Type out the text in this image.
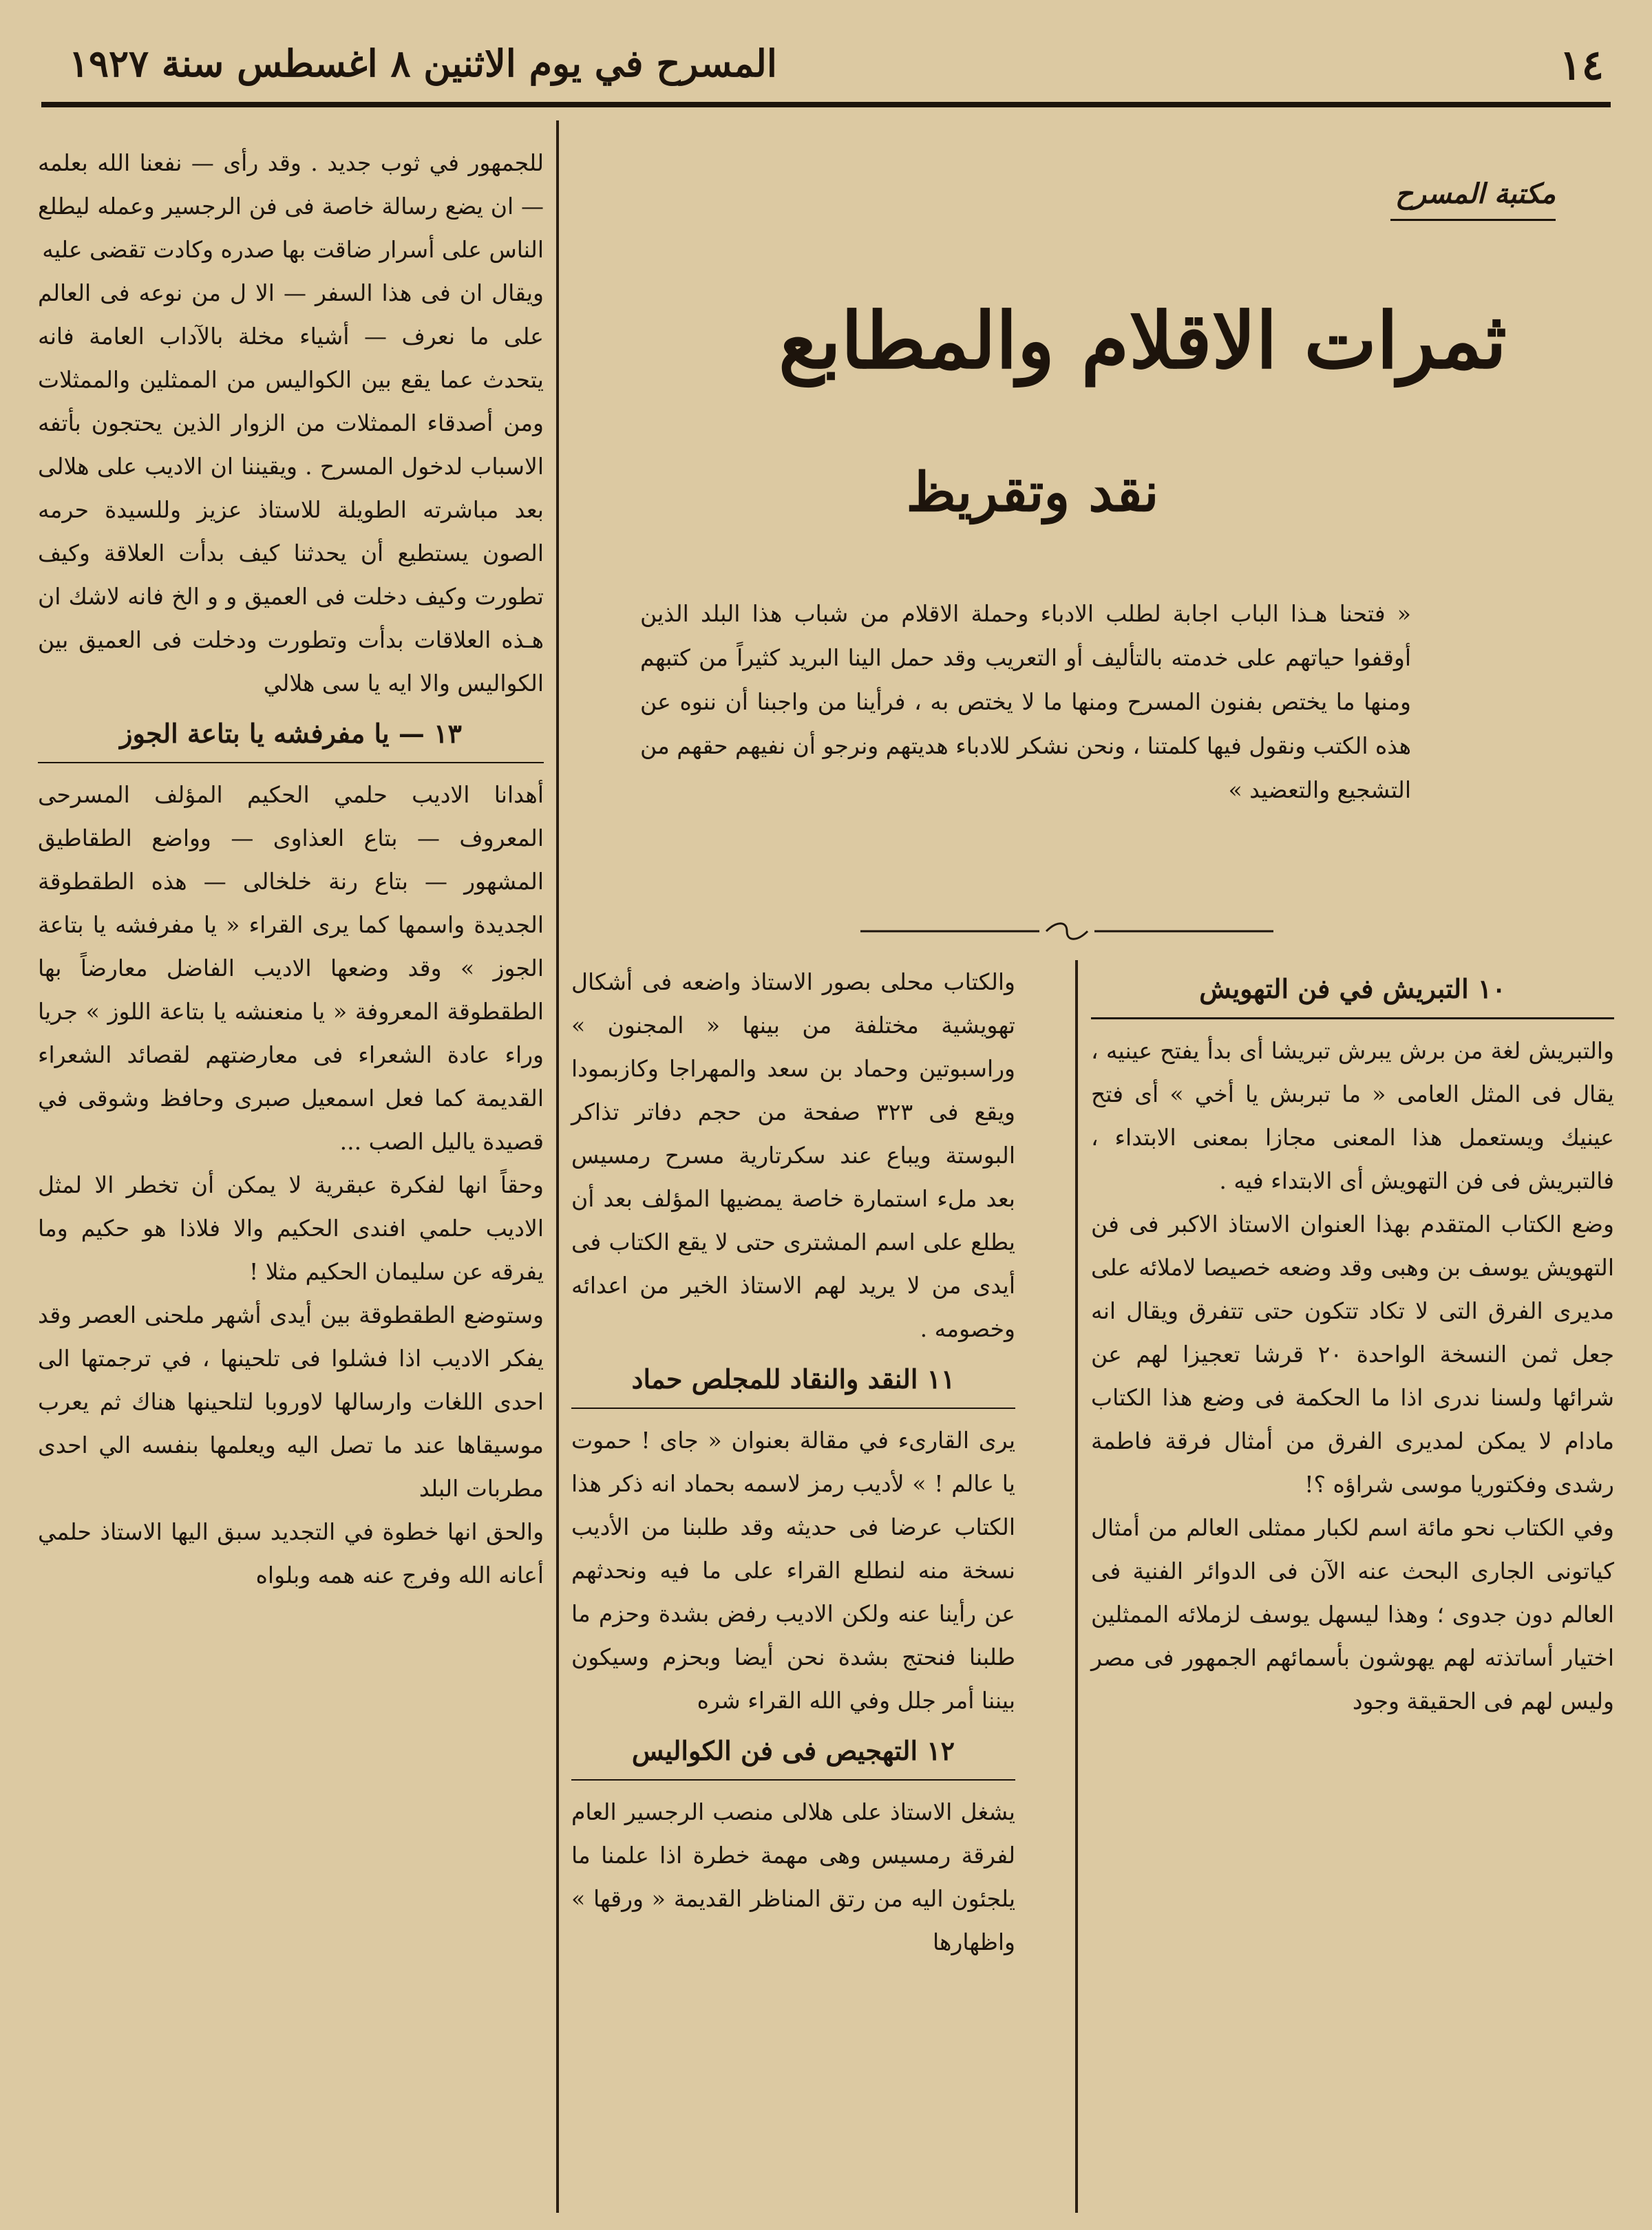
١٤
المسرح في يوم الاثنين ٨ اغسطس سنة ١٩٢٧
مكتبة المسرح
ثمرات الاقلام والمطابع
نقد وتقريظ
« فتحنا هـذا الباب اجابة لطلب الادباء وحملة الاقلام من شباب هذا البلد الذين أوقفوا حياتهم على خدمته بالتأليف أو التعريب وقد حمل الينا البريد كثيراً من كتبهم ومنها ما يختص بفنون المسرح ومنها ما لا يختص به ، فرأينا من واجبنا أن ننوه عن هذه الكتب ونقول فيها كلمتنا ، ونحن نشكر للادباء هديتهم ونرجو أن نفيهم حقهم من التشجيع والتعضيد »
١٠ التبريش في فن التهويش

والتبريش لغة من برش يبرش تبريشا أى بدأ يفتح عينيه ، يقال فى المثل العامى « ما تبربش يا أخي » أى فتح عينيك ويستعمل هذا المعنى مجازا بمعنى الابتداء ، فالتبريش فى فن التهويش أى الابتداء فيه .

وضع الكتاب المتقدم بهذا العنوان الاستاذ الاكبر فى فن التهويش يوسف بن وهبى وقد وضعه خصيصا لاملائه على مديرى الفرق التى لا تكاد تتكون حتى تتفرق ويقال انه جعل ثمن النسخة الواحدة ٢٠ قرشا تعجيزا لهم عن شرائها ولسنا ندرى اذا ما الحكمة فى وضع هذا الكتاب مادام لا يمكن لمديرى الفرق من أمثال فرقة فاطمة رشدى وفكتوريا موسى شراؤه ؟!

وفي الكتاب نحو مائة اسم لكبار ممثلى العالم من أمثال كياتونى الجارى البحث عنه الآن فى الدوائر الفنية فى العالم دون جدوى ؛ وهذا ليسهل يوسف لزملائه الممثلين اختيار أساتذته لهم يهوشون بأسمائهم الجمهور فى مصر وليس لهم فى الحقيقة وجود

والكتاب محلى بصور الاستاذ واضعه فى أشكال تهويشية مختلفة من بينها « المجنون » وراسبوتين وحماد بن سعد والمهراجا وكازبمودا ويقع فى ٣٢٣ صفحة من حجم دفاتر تذاكر البوستة ويباع عند سكرتارية مسرح رمسيس بعد ملء استمارة خاصة يمضيها المؤلف بعد أن يطلع على اسم المشترى حتى لا يقع الكتاب فى أيدى من لا يريد لهم الاستاذ الخير من اعدائه وخصومه .

١١ النقد والنقاد للمجلص حماد

يرى القارىء في مقالة بعنوان « جاى ! حموت يا عالم ! » لأديب رمز لاسمه بحماد انه ذكر هذا الكتاب عرضا فى حديثه وقد طلبنا من الأديب نسخة منه لنطلع القراء على ما فيه ونحدثهم عن رأينا عنه ولكن الاديب رفض بشدة وحزم ما طلبنا فنحتج بشدة نحن أيضا وبحزم وسيكون بيننا أمر جلل وفي الله القراء شره

١٢ التهجيص فى فن الكواليس

يشغل الاستاذ على هلالى منصب الرجسير العام لفرقة رمسيس وهى مهمة خطرة اذا علمنا ما يلجئون اليه من رتق المناظر القديمة « ورقها » واظهارها

للجمهور في ثوب جديد . وقد رأى — نفعنا الله بعلمه — ان يضع رسالة خاصة فى فن الرجسير وعمله ليطلع الناس على أسرار ضاقت بها صدره وكادت تقضى عليه

ويقال ان فى هذا السفر — الا ل من نوعه فى العالم على ما نعرف — أشياء مخلة بالآداب العامة فانه يتحدث عما يقع بين الكواليس من الممثلين والممثلات ومن أصدقاء الممثلات من الزوار الذين يحتجون بأتفه الاسباب لدخول المسرح . ويقيننا ان الاديب على هلالى بعد مباشرته الطويلة للاستاذ عزيز وللسيدة حرمه الصون يستطيع أن يحدثنا كيف بدأت العلاقة وكيف تطورت وكيف دخلت فى العميق و و الخ فانه لاشك ان هـذه العلاقات بدأت وتطورت ودخلت فى العميق بين الكواليس والا ايه يا سى هلالي

١٣ — يا مفرفشه يا بتاعة الجوز

أهدانا الاديب حلمي الحكيم المؤلف المسرحى المعروف — بتاع العذاوى — وواضع الطقاطيق المشهور — بتاع رنة خلخالى — هذه الطقطوقة الجديدة واسمها كما يرى القراء « يا مفرفشه يا بتاعة الجوز » وقد وضعها الاديب الفاضل معارضاً بها الطقطوقة المعروفة « يا منعنشه يا بتاعة اللوز » جريا وراء عادة الشعراء فى معارضتهم لقصائد الشعراء القديمة كما فعل اسمعيل صبرى وحافظ وشوقى في قصيدة ياليل الصب ...

وحقاً انها لفكرة عبقرية لا يمكن أن تخطر الا لمثل الاديب حلمي افندى الحكيم والا فلاذا هو حكيم وما يفرقه عن سليمان الحكيم مثلا !

وستوضع الطقطوقة بين أيدى أشهر ملحنى العصر وقد يفكر الاديب اذا فشلوا فى تلحينها ، في ترجمتها الى احدى اللغات وارسالها لاوروبا لتلحينها هناك ثم يعرب موسيقاها عند ما تصل اليه ويعلمها بنفسه الي احدى مطربات البلد

والحق انها خطوة في التجديد سبق اليها الاستاذ حلمي أعانه الله وفرج عنه همه وبلواه
